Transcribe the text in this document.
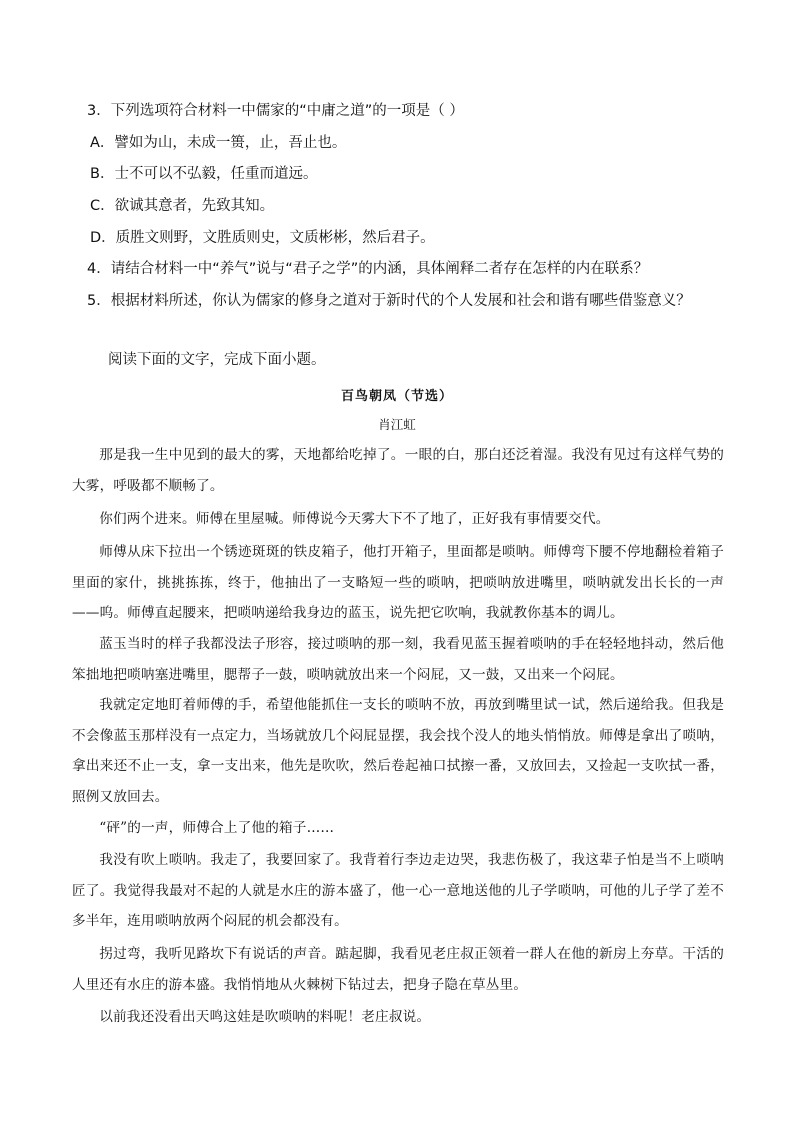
3．下列选项符合材料一中儒家的“中庸之道”的一项是（ ）
A．譬如为山，未成一篑，止，吾止也。
B．士不可以不弘毅，任重而道远。
C．欲诚其意者，先致其知。
D．质胜文则野，文胜质则史，文质彬彬，然后君子。
4．请结合材料一中“养气”说与“君子之学”的内涵，具体阐释二者存在怎样的内在联系？
5．根据材料所述，你认为儒家的修身之道对于新时代的个人发展和社会和谐有哪些借鉴意义？
阅读下面的文字，完成下面小题。
百鸟朝凤（节选）
肖江虹
那是我一生中见到的最大的雾，天地都给吃掉了。一眼的白，那白还泛着湿。我没有见过有这样气势的大雾，呼吸都不顺畅了。
你们两个进来。师傅在里屋喊。师傅说今天雾大下不了地了，正好我有事情要交代。
师傅从床下拉出一个锈迹斑斑的铁皮箱子，他打开箱子，里面都是唢呐。师傅弯下腰不停地翻检着箱子里面的家什，挑挑拣拣，终于，他抽出了一支略短一些的唢呐，把唢呐放进嘴里，唢呐就发出长长的一声——呜。师傅直起腰来，把唢呐递给我身边的蓝玉，说先把它吹响，我就教你基本的调儿。
蓝玉当时的样子我都没法子形容，接过唢呐的那一刻，我看见蓝玉握着唢呐的手在轻轻地抖动，然后他笨拙地把唢呐塞进嘴里，腮帮子一鼓，唢呐就放出来一个闷屁，又一鼓，又出来一个闷屁。
我就定定地盯着师傅的手，希望他能抓住一支长的唢呐不放，再放到嘴里试一试，然后递给我。但我是不会像蓝玉那样没有一点定力，当场就放几个闷屁显摆，我会找个没人的地头悄悄放。师傅是拿出了唢呐，拿出来还不止一支，拿一支出来，他先是吹吹，然后卷起袖口拭擦一番，又放回去，又捡起一支吹拭一番，照例又放回去。
“砰”的一声，师傅合上了他的箱子……
我没有吹上唢呐。我走了，我要回家了。我背着行李边走边哭，我悲伤极了，我这辈子怕是当不上唢呐匠了。我觉得我最对不起的人就是水庄的游本盛了，他一心一意地送他的儿子学唢呐，可他的儿子学了差不多半年，连用唢呐放两个闷屁的机会都没有。
拐过弯，我听见路坎下有说话的声音。踮起脚，我看见老庄叔正领着一群人在他的新房上夯草。干活的人里还有水庄的游本盛。我悄悄地从火棘树下钻过去，把身子隐在草丛里。
以前我还没看出天鸣这娃是吹唢呐的料呢！老庄叔说。
